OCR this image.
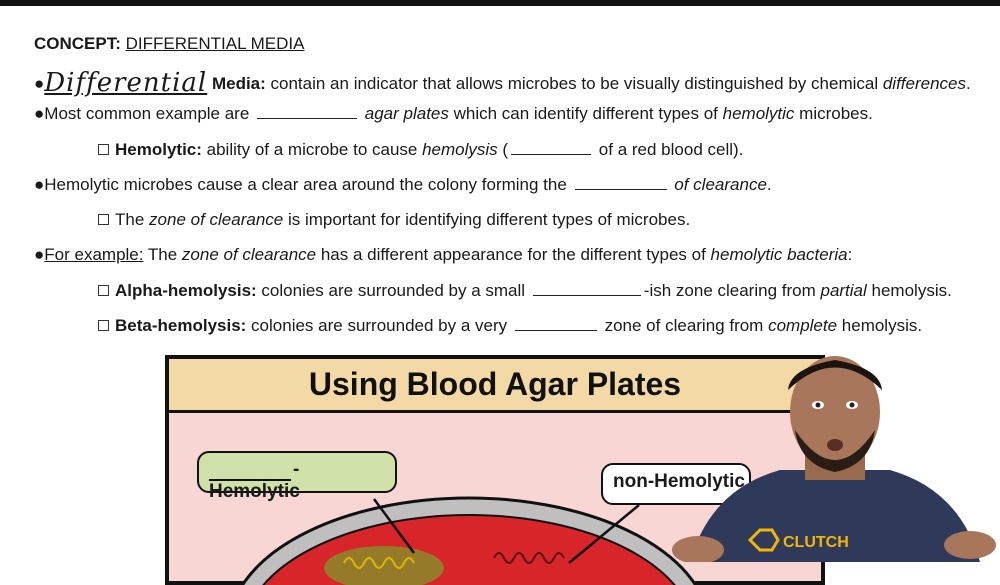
CONCEPT: DIFFERENTIAL MEDIA
●Differential Media: contain an indicator that allows microbes to be visually distinguished by chemical differences.
●Most common example are	agar plates which can identify different types of hemolytic microbes.
Hemolytic: ability of a microbe to cause hemolysis (	of a red blood cell).
●Hemolytic microbes cause a clear area around the colony forming the	of clearance.
The zone of clearance is important for identifying different types of microbes.
●For example: The zone of clearance has a different appearance for the different types of hemolytic bacteria:
Alpha-hemolysis: colonies are surrounded by a small	-ish zone clearing from partial hemolysis.
Beta-hemolysis: colonies are surrounded by a very	zone of clearing from complete hemolysis.
Using Blood Agar Plates
-Hemolytic	non-Hemolytic
CLUTCH
